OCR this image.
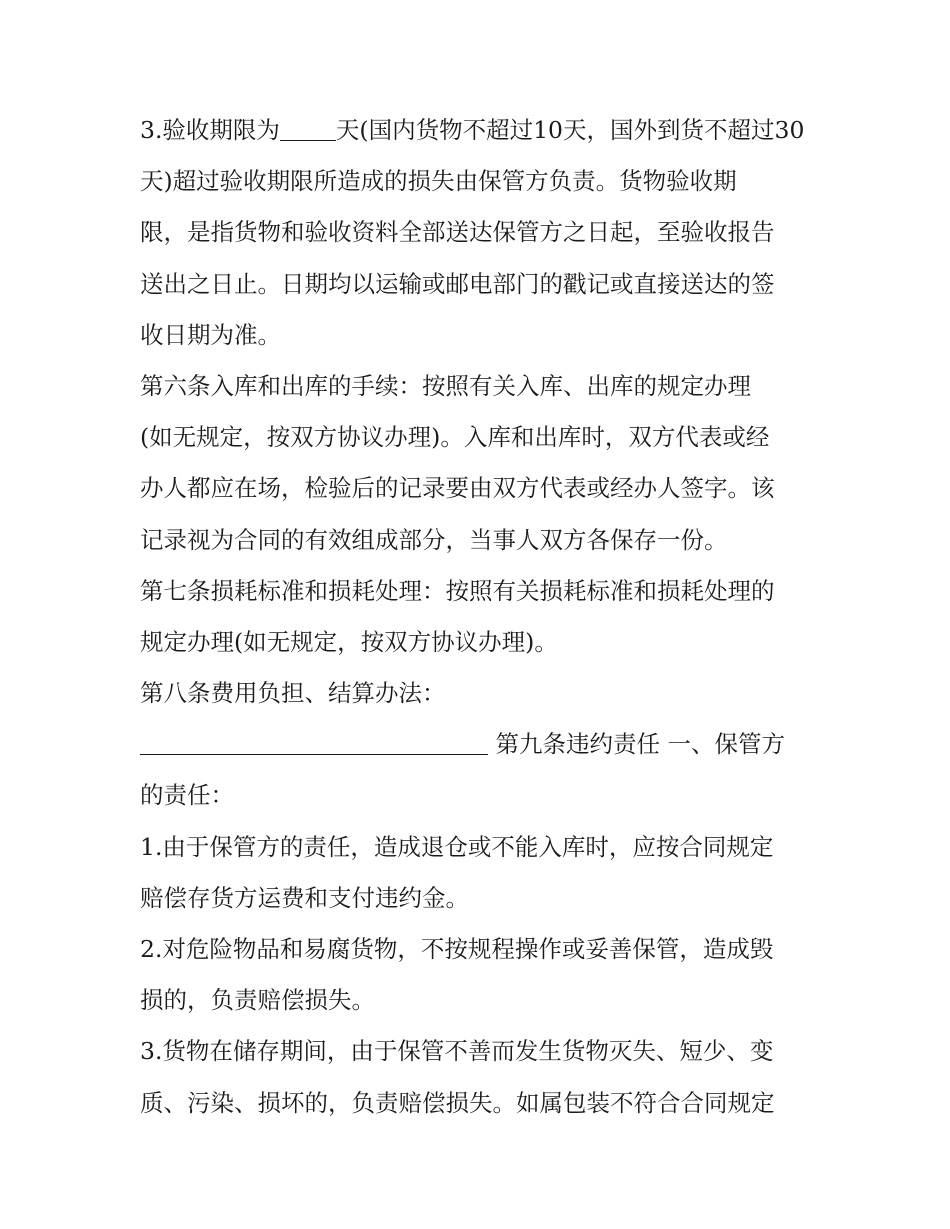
3.验收期限为 天(国内货物不超过10天，国外到货不超过30
天)超过验收期限所造成的损失由保管方负责。货物验收期
限，是指货物和验收资料全部送达保管方之日起，至验收报告
送出之日止。日期均以运输或邮电部门的戳记或直接送达的签
收日期为准。
第六条入库和出库的手续：按照有关入库、出库的规定办理
(如无规定，按双方协议办理)。入库和出库时，双方代表或经
办人都应在场，检验后的记录要由双方代表或经办人签字。该
记录视为合同的有效组成部分，当事人双方各保存一份。
第七条损耗标准和损耗处理：按照有关损耗标准和损耗处理的
规定办理(如无规定，按双方协议办理)。
第八条费用负担、结算办法：
第九条违约责任 一、保管方
的责任：
1.由于保管方的责任，造成退仓或不能入库时，应按合同规定
赔偿存货方运费和支付违约金。
2.对危险物品和易腐货物，不按规程操作或妥善保管，造成毁
损的，负责赔偿损失。
3.货物在储存期间，由于保管不善而发生货物灭失、短少、变
质、污染、损坏的，负责赔偿损失。如属包装不符合合同规定
